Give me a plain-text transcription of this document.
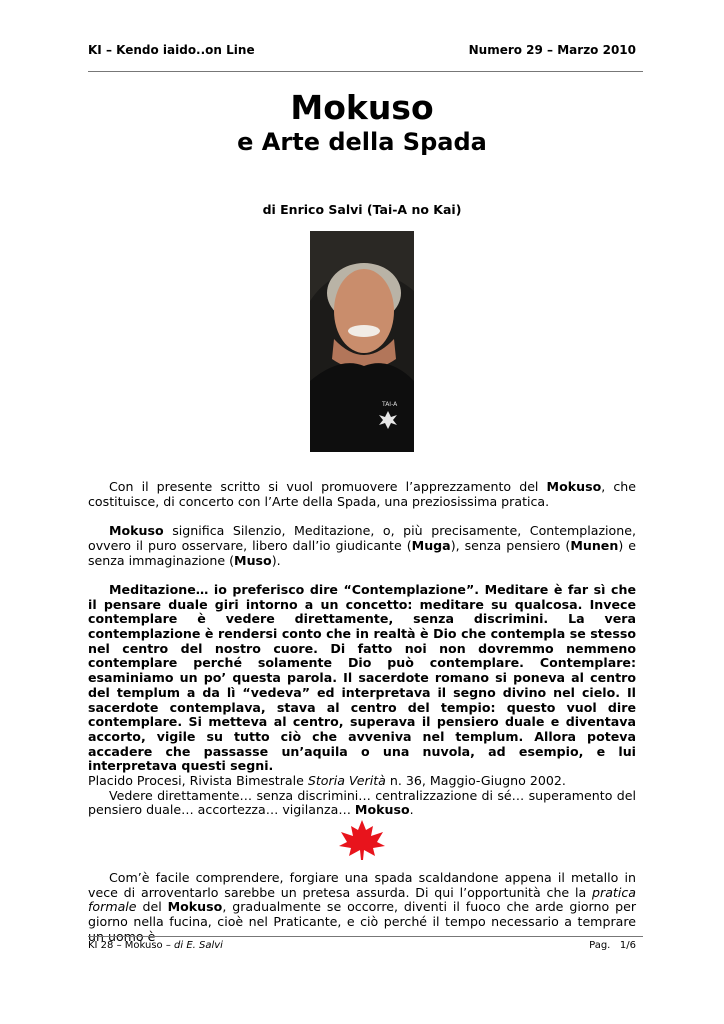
KI – Kendo iaido..on Line	Numero 29 – Marzo 2010
Mokuso
e Arte della Spada
di Enrico Salvi (Tai-A no Kai)
TAI-A

Con il presente scritto si vuol promuovere l’apprezzamento del Mokuso, che costituisce, di concerto con l’Arte della Spada, una preziosissima pratica.

Mokuso significa Silenzio, Meditazione, o, più precisamente, Contemplazione, ovvero il puro osservare, libero dall’io giudicante (Muga), senza pensiero (Munen) e senza immaginazione (Muso).

Meditazione… io preferisco dire “Contemplazione”. Meditare è far sì che il pensare duale giri intorno a un concetto: meditare su qualcosa. Invece contemplare è vedere direttamente, senza discrimini. La vera contemplazione è rendersi conto che in realtà è Dio che contempla se stesso nel centro del nostro cuore. Di fatto noi non dovremmo nemmeno contemplare perché solamente Dio può contemplare. Contemplare: esaminiamo un po’ questa parola. Il sacerdote romano si poneva al centro del templum a da lì “vedeva” ed interpretava il segno divino nel cielo. Il sacerdote contemplava, stava al centro del tempio: questo vuol dire contemplare. Si metteva al centro, superava il pensiero duale e diventava accorto, vigile su tutto ciò che avveniva nel templum. Allora poteva accadere che passasse un’aquila o una nuvola, ad esempio, e lui interpretava questi segni.

Placido Procesi, Rivista Bimestrale Storia Verità n. 36, Maggio-Giugno 2002.

Vedere direttamente… senza discrimini… centralizzazione di sé… superamento del pensiero duale… accortezza… vigilanza… Mokuso.

Com’è facile comprendere, forgiare una spada scaldandone appena il metallo in vece di arroventarlo sarebbe un pretesa assurda. Di qui l’opportunità che la pratica formale del Mokuso, gradualmente se occorre, diventi il fuoco che arde giorno per giorno nella fucina, cioè nel Praticante, e ciò perché il tempo necessario a temprare un uomo è

KI 28 – Mokuso – di E. Salvi	Pag.   1/6
